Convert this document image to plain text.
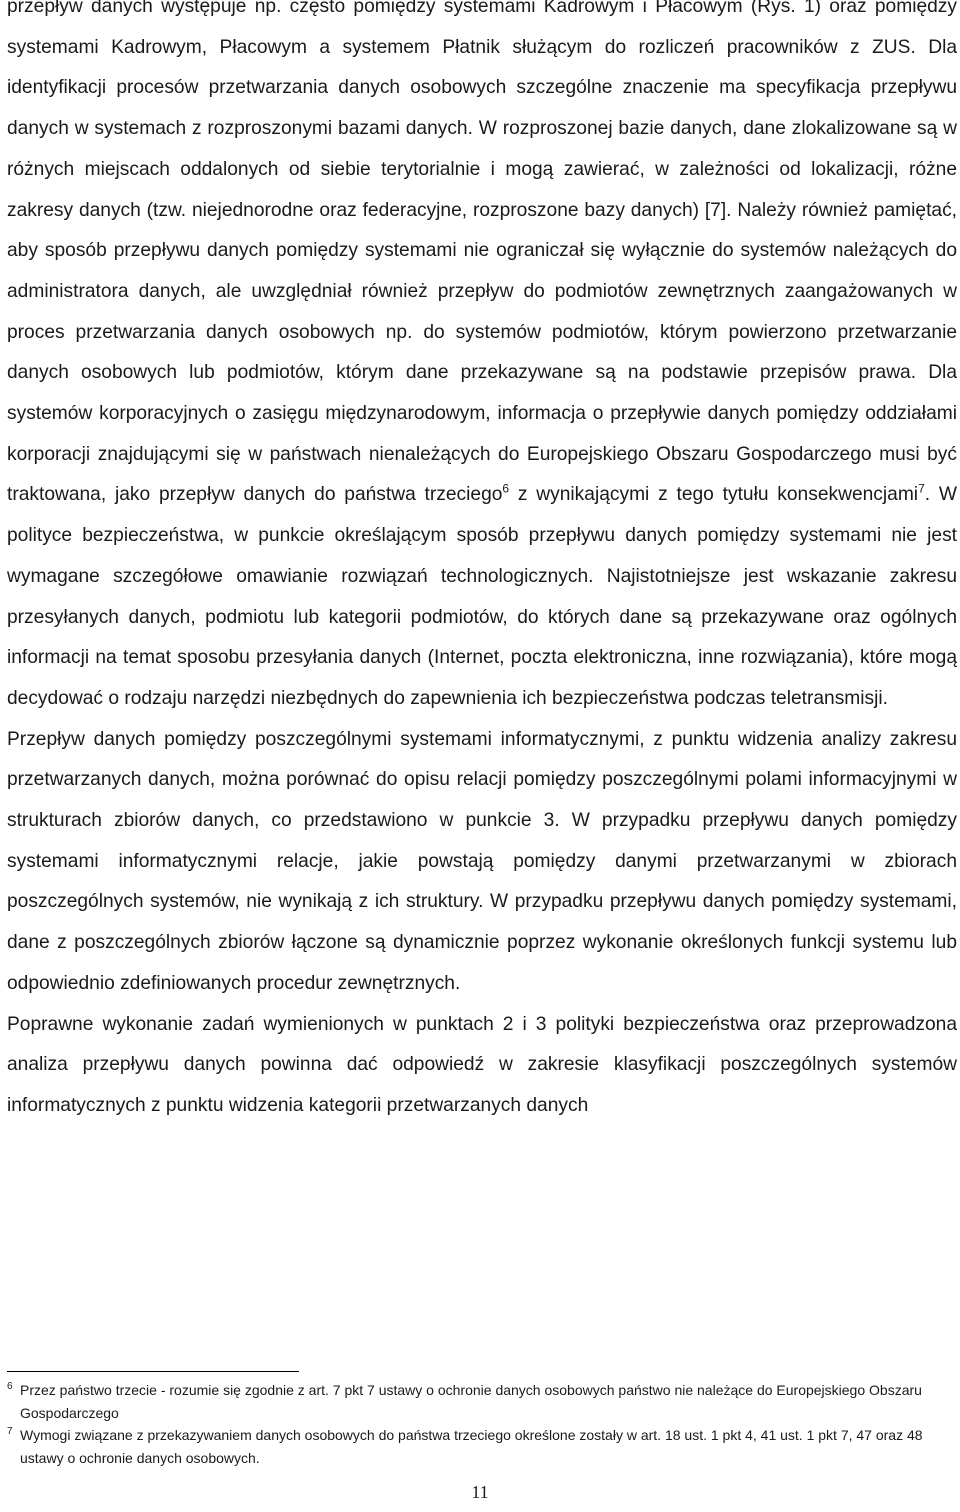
przepływ danych występuje np. często pomiędzy systemami Kadrowym i Płacowym (Rys. 1) oraz pomiędzy systemami Kadrowym, Płacowym a systemem Płatnik służącym do rozliczeń pracowników z ZUS. Dla identyfikacji procesów przetwarzania danych osobowych szczególne znaczenie ma specyfikacja przepływu danych w systemach z rozproszonymi bazami danych. W rozproszonej bazie danych, dane zlokalizowane są w różnych miejscach oddalonych od siebie terytorialnie i mogą zawierać, w zależności od lokalizacji, różne zakresy danych (tzw. niejednorodne oraz federacyjne, rozproszone bazy danych) [7]. Należy również pamiętać, aby sposób przepływu danych pomiędzy systemami nie ograniczał się wyłącznie do systemów należących do administratora danych, ale uwzględniał również przepływ do podmiotów zewnętrznych zaangażowanych w proces przetwarzania danych osobowych np. do systemów podmiotów, którym powierzono przetwarzanie danych osobowych lub podmiotów, którym dane przekazywane są na podstawie przepisów prawa. Dla systemów korporacyjnych o zasięgu międzynarodowym, informacja o przepływie danych pomiędzy oddziałami korporacji znajdującymi się w państwach nienależących do Europejskiego Obszaru Gospodarczego musi być traktowana, jako przepływ danych do państwa trzeciego$^6$ z wynikającymi z tego tytułu konsekwencjami$^7$. W polityce bezpieczeństwa, w punkcie określającym sposób przepływu danych pomiędzy systemami nie jest wymagane szczegółowe omawianie rozwiązań technologicznych. Najistotniejsze jest wskazanie zakresu przesyłanych danych, podmiotu lub kategorii podmiotów, do których dane są przekazywane oraz ogólnych informacji na temat sposobu przesyłania danych (Internet, poczta elektroniczna, inne rozwiązania), które mogą decydować o rodzaju narzędzi niezbędnych do zapewnienia ich bezpieczeństwa podczas teletransmisji.

Przepływ danych pomiędzy poszczególnymi systemami informatycznymi, z punktu widzenia analizy zakresu przetwarzanych danych, można porównać do opisu relacji pomiędzy poszczególnymi polami informacyjnymi w strukturach zbiorów danych, co przedstawiono w punkcie 3. W przypadku przepływu danych pomiędzy systemami informatycznymi relacje, jakie powstają pomiędzy danymi przetwarzanymi w zbiorach poszczególnych systemów, nie wynikają z ich struktury. W przypadku przepływu danych pomiędzy systemami, dane z poszczególnych zbiorów łączone są dynamicznie poprzez wykonanie określonych funkcji systemu lub odpowiednio zdefiniowanych procedur zewnętrznych.

Poprawne wykonanie zadań wymienionych w punktach 2 i 3 polityki bezpieczeństwa oraz przeprowadzona analiza przepływu danych powinna dać odpowiedź w zakresie klasyfikacji poszczególnych systemów informatycznych z punktu widzenia kategorii przetwarzanych danych

6 Przez państwo trzecie - rozumie się zgodnie z art. 7 pkt 7 ustawy o ochronie danych osobowych państwo nie należące do Europejskiego Obszaru Gospodarczego

7 Wymogi związane z przekazywaniem danych osobowych do państwa trzeciego określone zostały w art. 18 ust. 1 pkt 4, 41 ust. 1 pkt 7, 47 oraz 48 ustawy o ochronie danych osobowych.

11
